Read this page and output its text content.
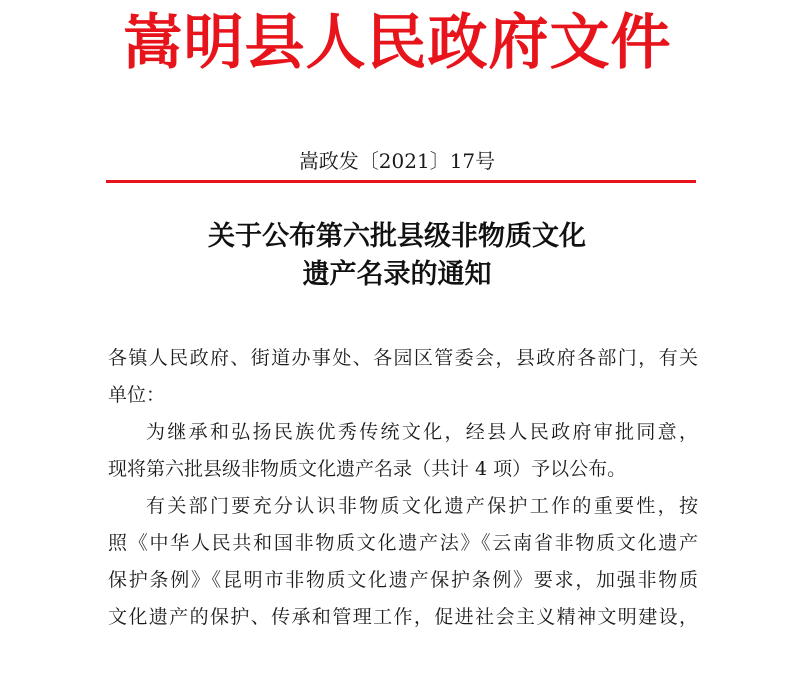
嵩明县人民政府文件
嵩政发〔2021〕17号
关于公布第六批县级非物质文化
遗产名录的通知
各镇人民政府、街道办事处、各园区管委会，县政府各部门，有关
单位：
为继承和弘扬民族优秀传统文化，经县人民政府审批同意，
现将第六批县级非物质文化遗产名录（共计 4 项）予以公布。
有关部门要充分认识非物质文化遗产保护工作的重要性，按
照《中华人民共和国非物质文化遗产法》《云南省非物质文化遗产
保护条例》《昆明市非物质文化遗产保护条例》要求，加强非物质
文化遗产的保护、传承和管理工作，促进社会主义精神文明建设，
